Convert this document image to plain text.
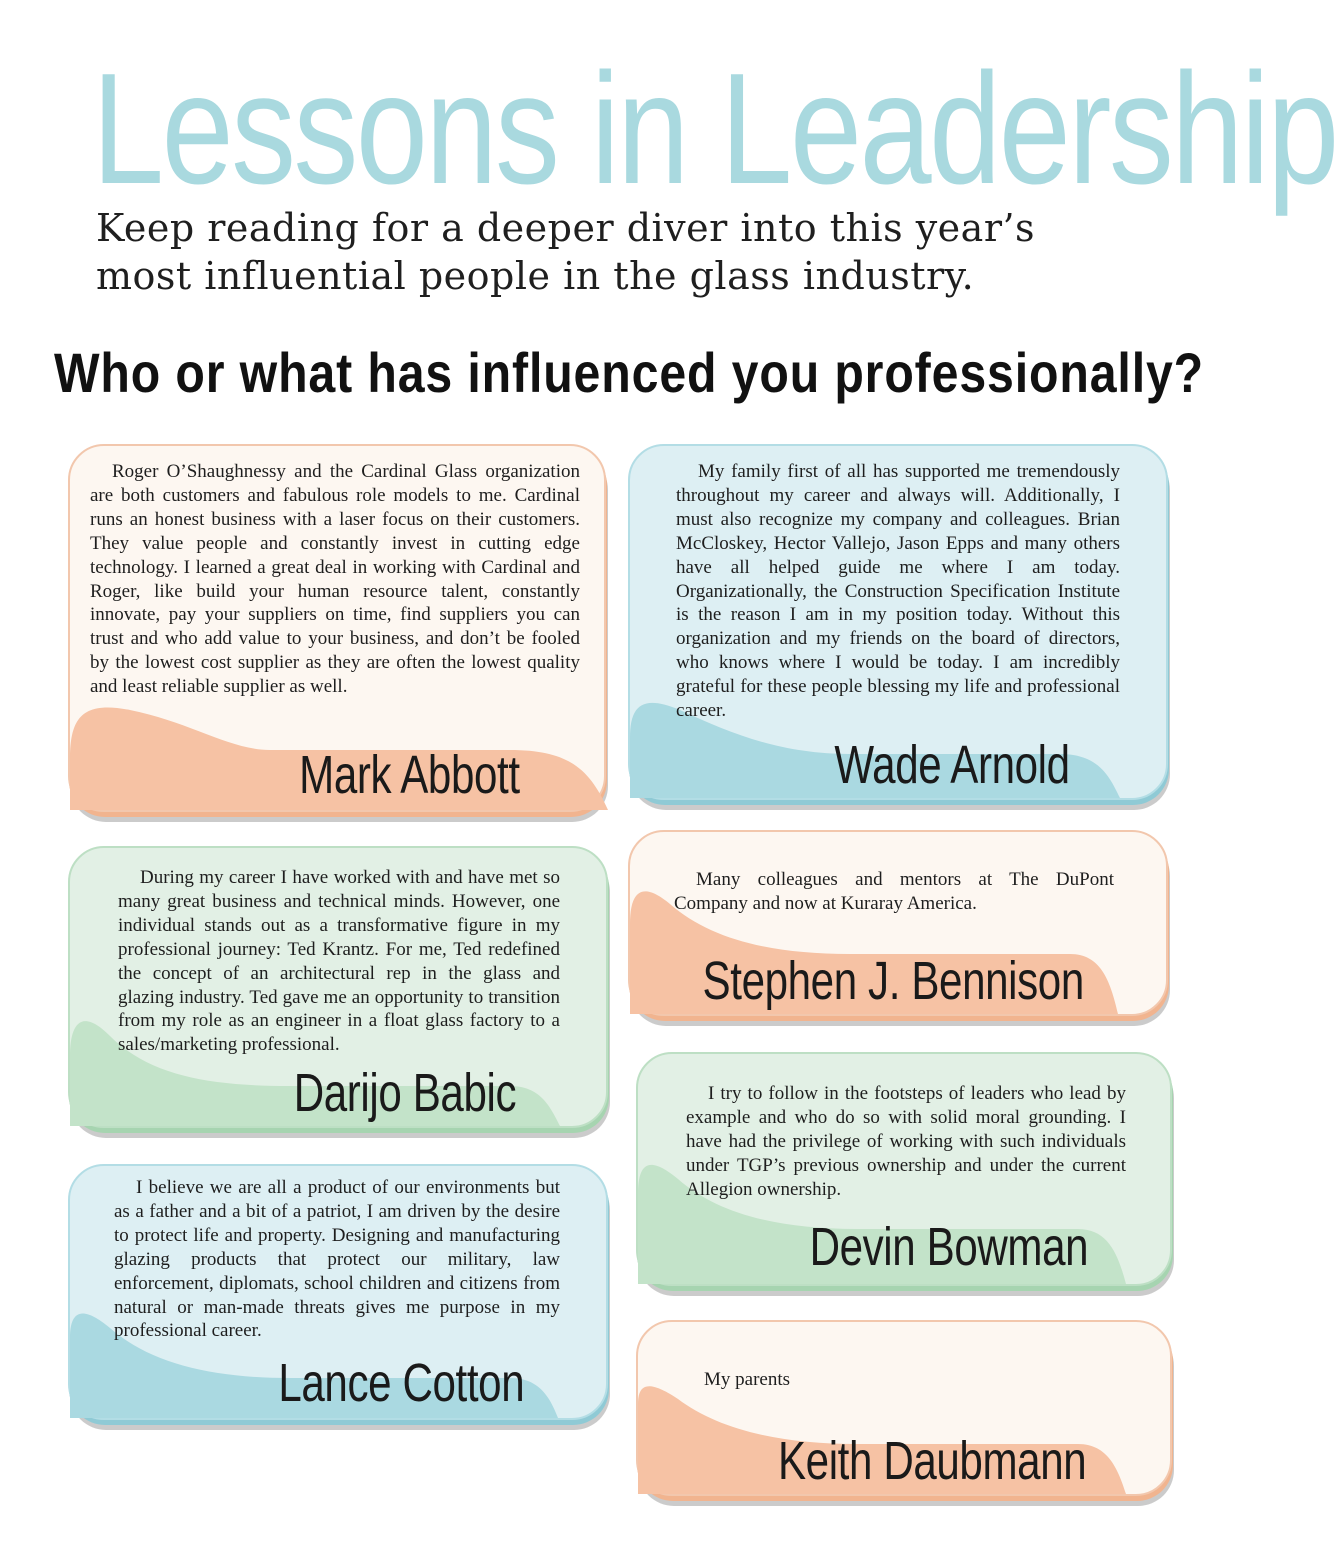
Lessons in Leadership

Keep reading for a deeper diver into this year’s most influential people in the glass industry.

Who or what has influenced you professionally?

Roger O’Shaughnessy and the Cardinal Glass organization are both customers and fabulous role models to me. Cardinal runs an honest business with a laser focus on their customers. They value people and constantly invest in cutting edge technology. I learned a great deal in working with Cardinal and Roger, like build your human resource talent, constantly innovate, pay your suppliers on time, find suppliers you can trust and who add value to your business, and don’t be fooled by the lowest cost supplier as they are often the lowest quality and least reliable supplier as well.

Mark Abbott

My family first of all has supported me tremendously throughout my career and always will. Additionally, I must also recognize my company and colleagues. Brian McCloskey, Hector Vallejo, Jason Epps and many others have all helped guide me where I am today. Organizationally, the Construction Specification Institute is the reason I am in my position today. Without this organization and my friends on the board of directors, who knows where I would be today. I am incredibly grateful for these people blessing my life and professional career.

Wade Arnold

During my career I have worked with and have met so many great business and technical minds. However, one individual stands out as a transformative figure in my professional journey: Ted Krantz. For me, Ted redefined the concept of an architectural rep in the glass and glazing industry. Ted gave me an opportunity to transition from my role as an engineer in a float glass factory to a sales/marketing professional.

Darijo Babic

Many colleagues and mentors at The DuPont Company and now at Kuraray America.

Stephen J. Bennison

I try to follow in the footsteps of leaders who lead by example and who do so with solid moral grounding. I have had the privilege of working with such individuals under TGP’s previous ownership and under the current Allegion ownership.

Devin Bowman

I believe we are all a product of our environments but as a father and a bit of a patriot, I am driven by the desire to protect life and property. Designing and manufacturing glazing products that protect our military, law enforcement, diplomats, school children and citizens from natural or man-made threats gives me purpose in my professional career.

Lance Cotton	My parents

Keith Daubmann
